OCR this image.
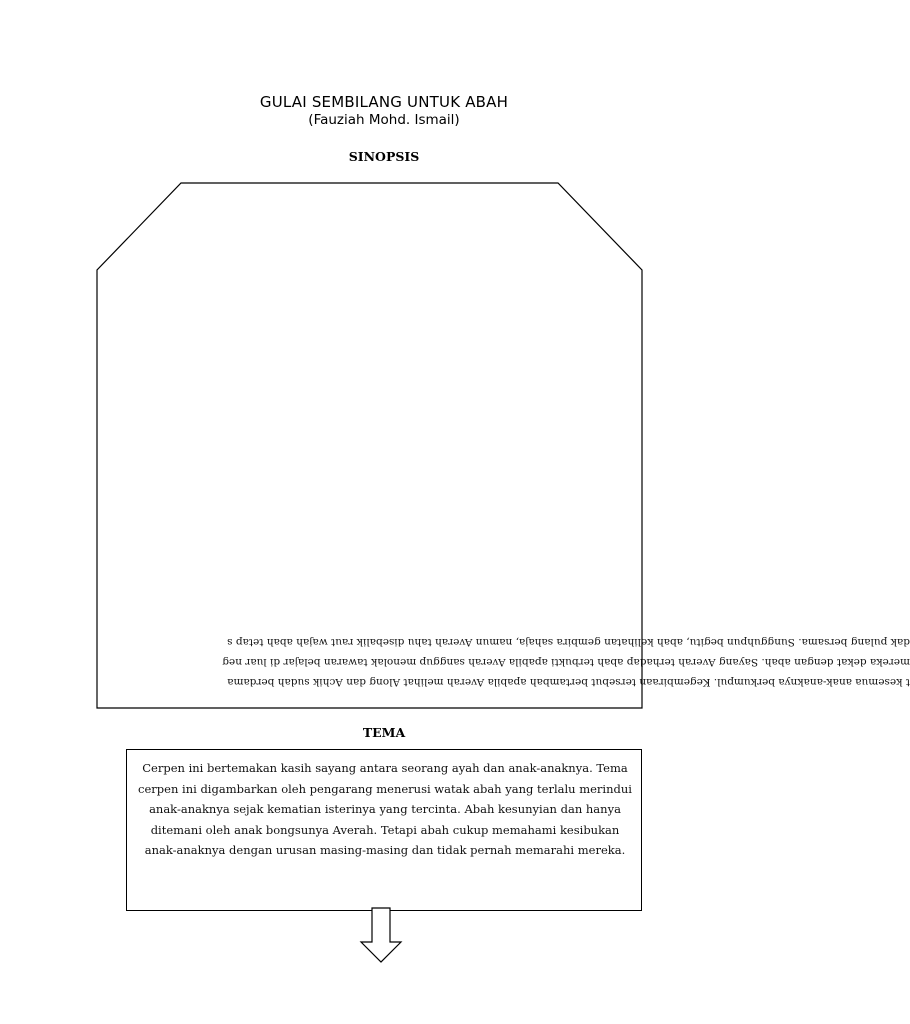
GULAI SEMBILANG UNTUK ABAH
(Fauziah Mohd. Ismail)
SINOPSIS
t kesemua anak-anaknya berkumpul. Kegembiraan tersebut bertambah apabila Averah melihat Along dan Achik sudah berdama
mereka dekat dengan abah. Sayang Averah terhadap abah terbukti apabila Averah sanggup menolak tawaran belajar di luar neg
dak pulang bersama. Sungguhpun begitu, abah kelihatan gembira sahaja, namun Averah tahu disebalik raut wajah abah tetap s
TEMA
Cerpen ini bertemakan kasih sayang antara seorang ayah dan anak-anaknya. Tema cerpen ini digambarkan oleh pengarang menerusi watak abah yang terlalu merindui anak-anaknya sejak kematian isterinya yang tercinta. Abah kesunyian dan hanya ditemani oleh anak bongsunya Averah. Tetapi abah cukup memahami kesibukan anak-anaknya dengan urusan masing-masing dan tidak pernah memarahi mereka.
